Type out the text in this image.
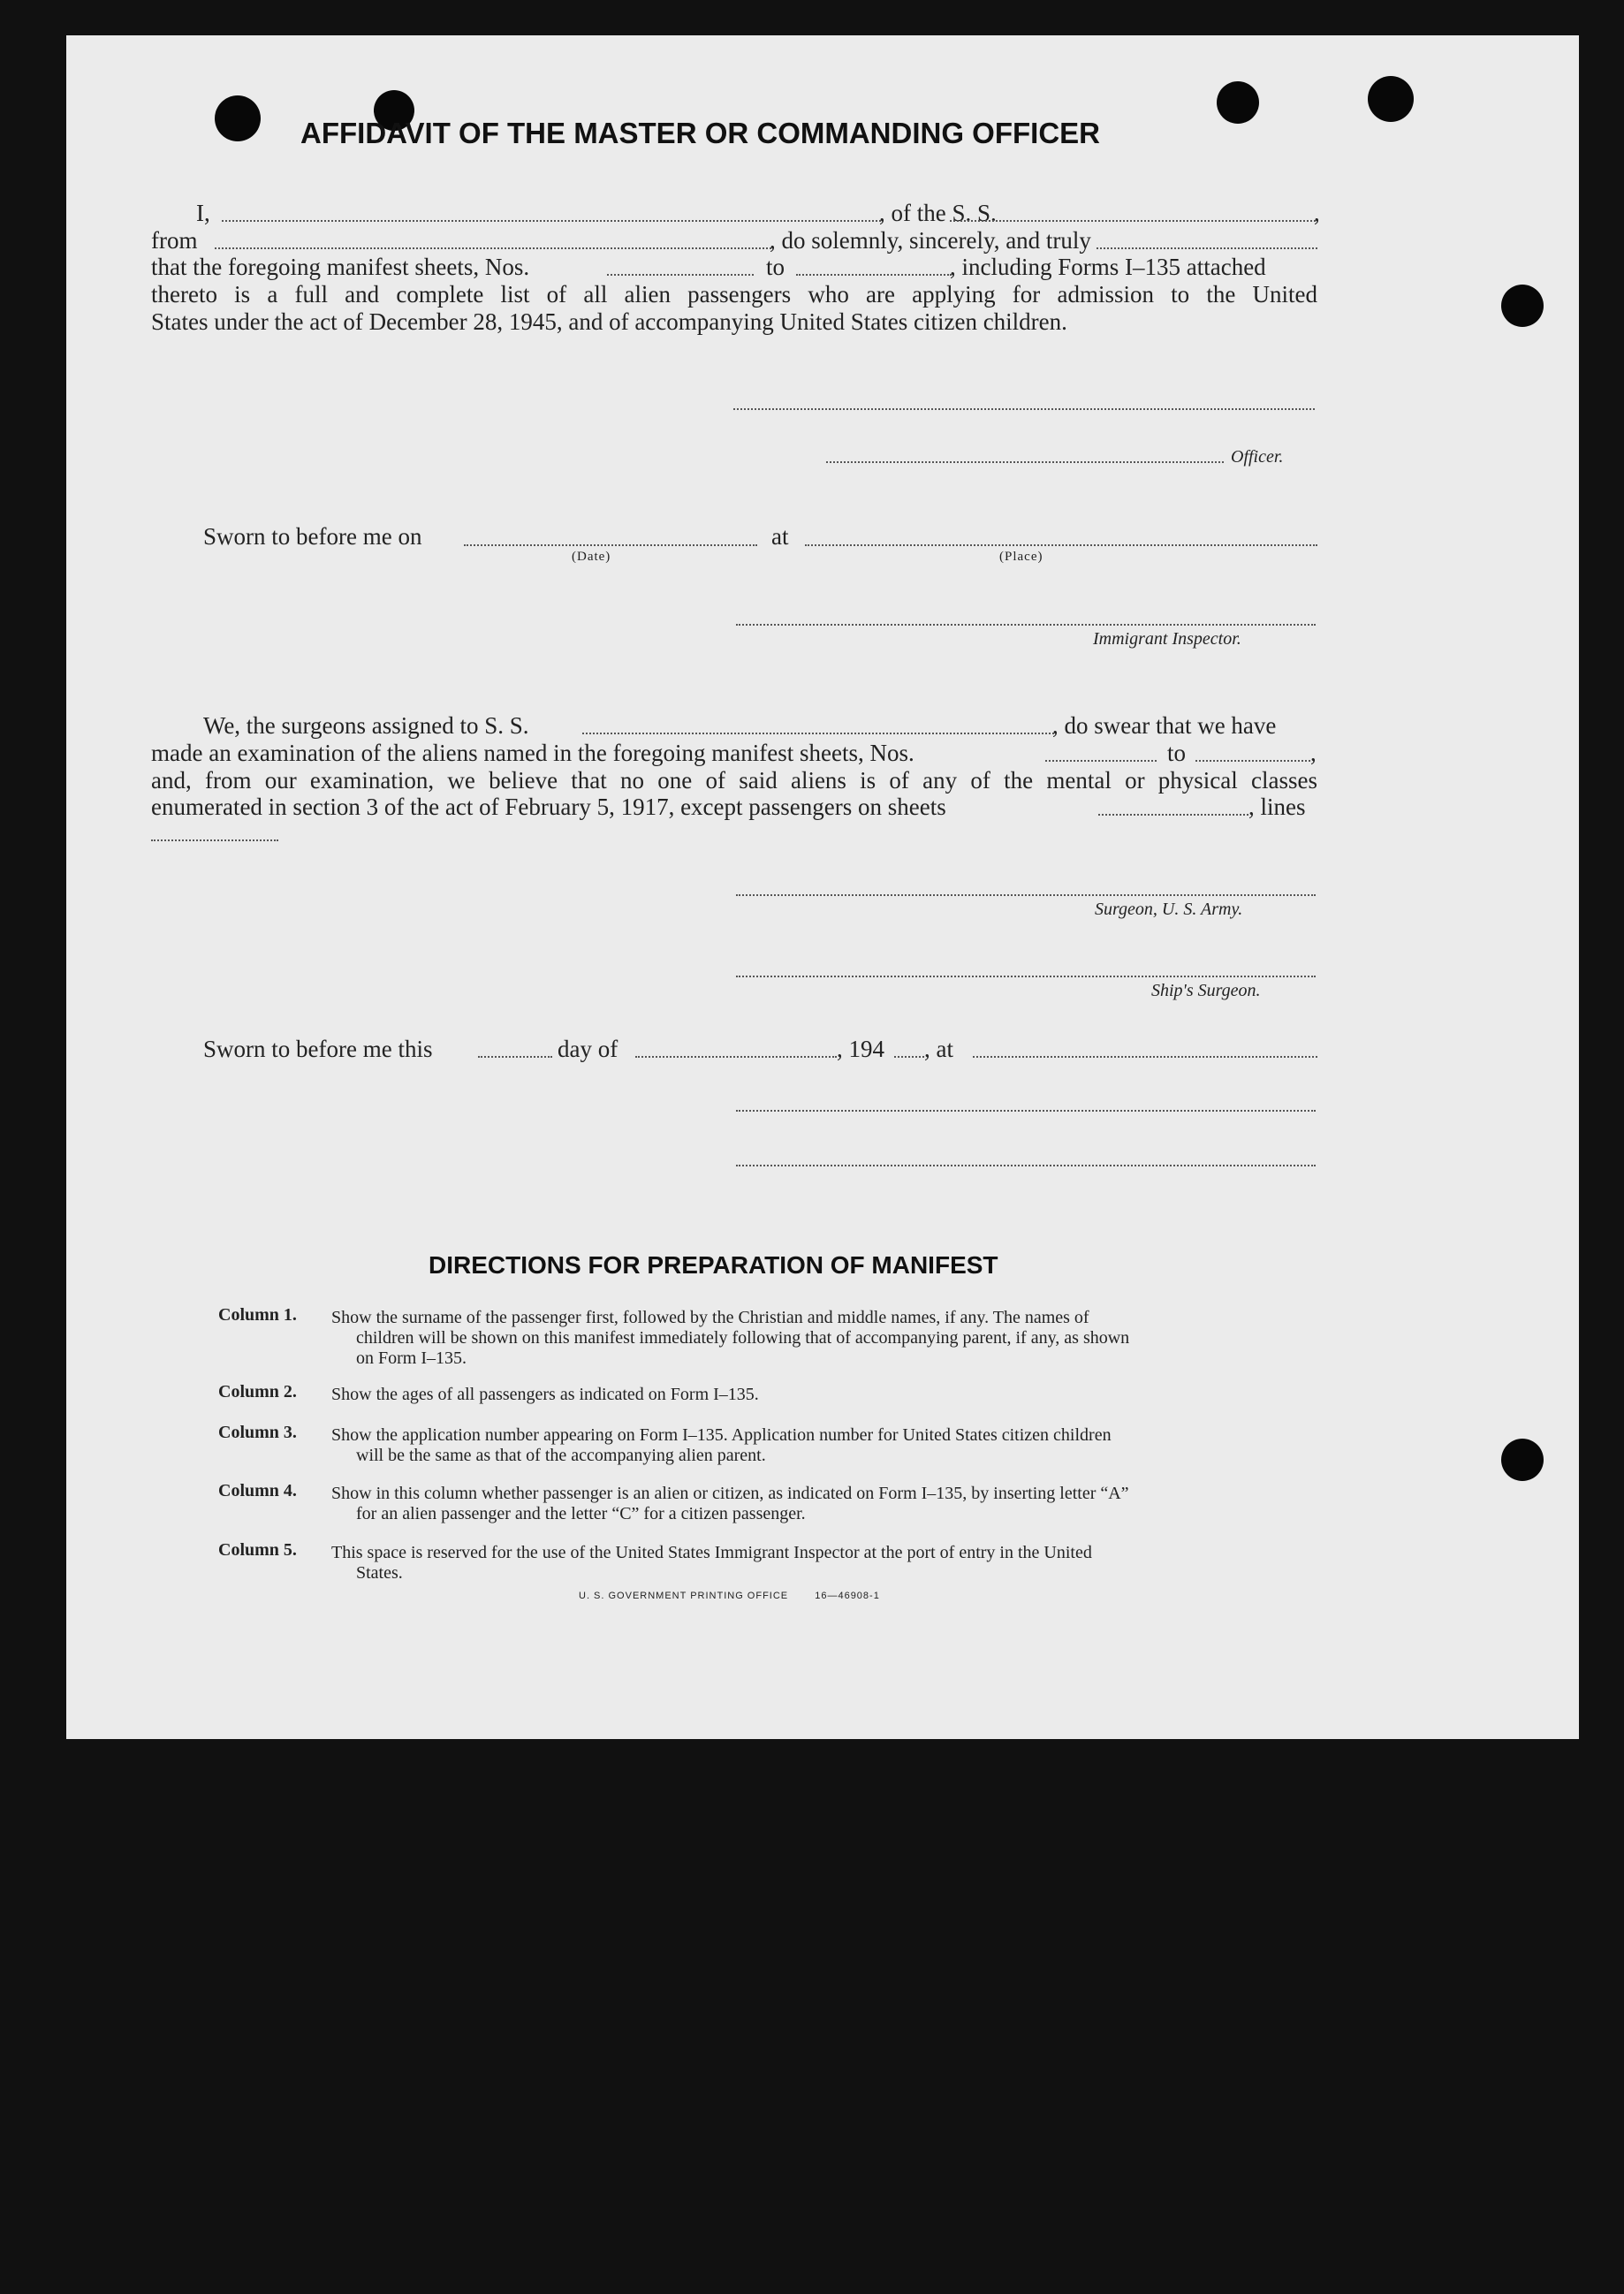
AFFIDAVIT OF THE MASTER OR COMMANDING OFFICER
I,	, of the S. S.	,
from	, do solemnly, sincerely, and truly
that the foregoing manifest sheets, Nos.	to	, including Forms I–135 attached
thereto is a full and complete list of all alien passengers who are applying for admission to the United
States under the act of December 28, 1945, and of accompanying United States citizen children.
Officer.
Sworn to before me on	at
(Date)	(Place)
Immigrant Inspector.
We, the surgeons assigned to S. S.	, do swear that we have
made an examination of the aliens named in the foregoing manifest sheets, Nos.	to	,
and, from our examination, we believe that no one of said aliens is of any of the mental or physical classes
enumerated in section 3 of the act of February 5, 1917, except passengers on sheets	, lines
Surgeon, U. S. Army.
Ship's Surgeon.
Sworn to before me this	day of	, 194 , at
DIRECTIONS FOR PREPARATION OF MANIFEST
Column 1.	Show the surname of the passenger first, followed by the Christian and middle names, if any. The names of
children will be shown on this manifest immediately following that of accompanying parent, if any, as shown
on Form I–135.
Column 2.	Show the ages of all passengers as indicated on Form I–135.
Column 3.	Show the application number appearing on Form I–135. Application number for United States citizen children
will be the same as that of the accompanying alien parent.
Column 4.	Show in this column whether passenger is an alien or citizen, as indicated on Form I–135, by inserting letter “A”
for an alien passenger and the letter “C” for a citizen passenger.
Column 5.	This space is reserved for the use of the United States Immigrant Inspector at the port of entry in the United
States.
U. S. GOVERNMENT PRINTING OFFICE	16—46908-1
